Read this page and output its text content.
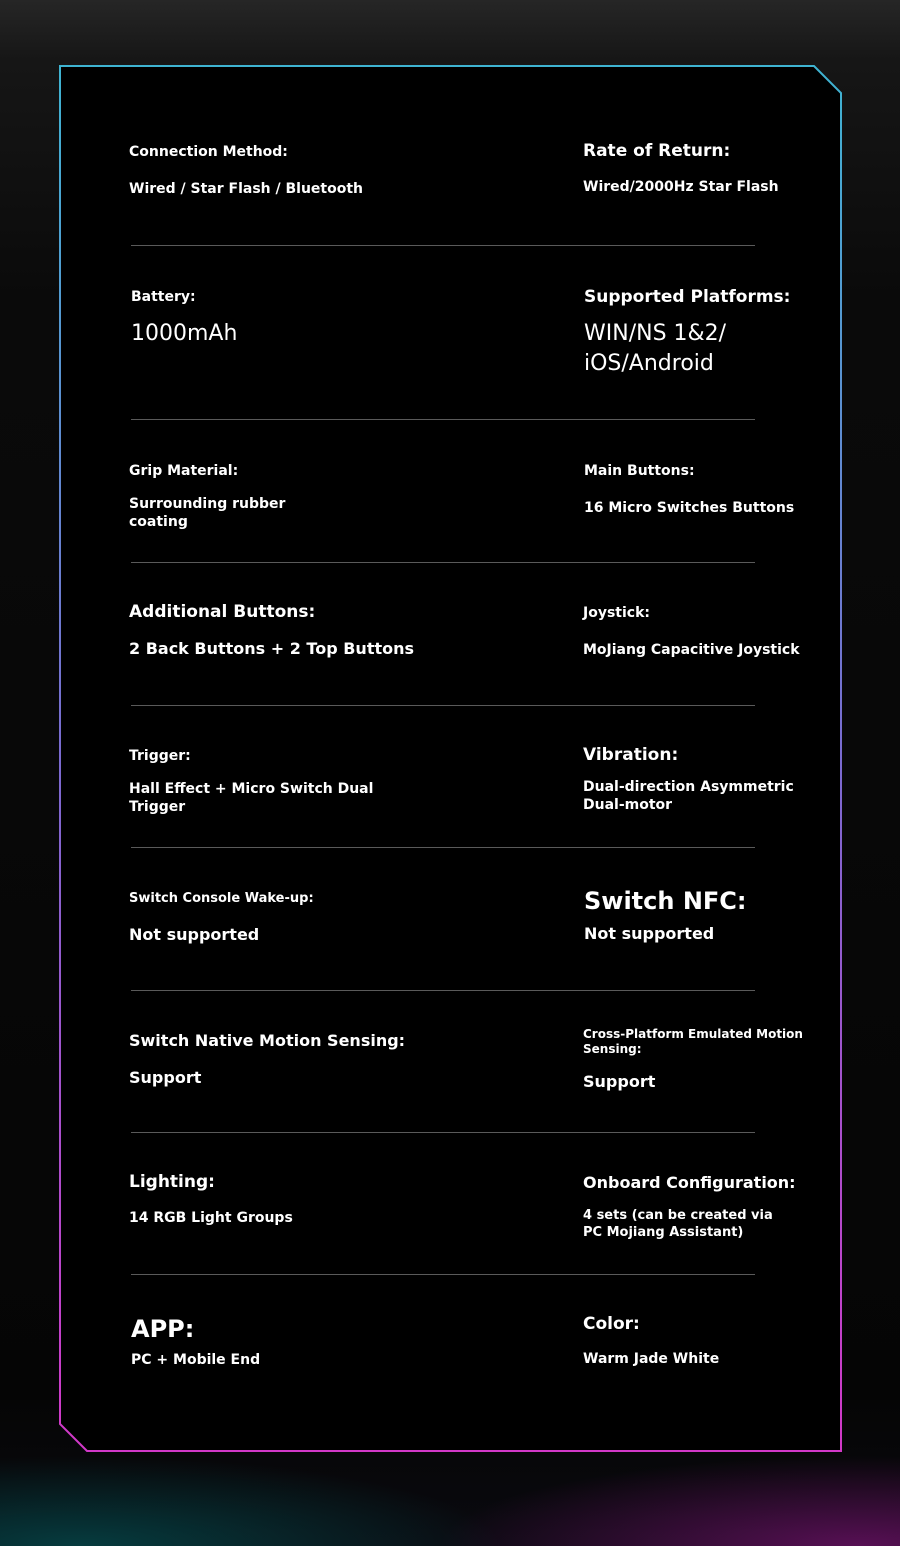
Connection Method:
Wired / Star Flash / Bluetooth
Rate of Return:
Wired/2000Hz Star Flash
Battery:
1000mAh
Supported Platforms:
WIN/NS 1&2/ iOS/Android
Grip Material:
Surrounding rubber coating
Main Buttons:
16 Micro Switches Buttons
Additional Buttons:
2 Back Buttons + 2 Top Buttons
Joystick:
MoJiang Capacitive Joystick
Trigger:
Hall Effect + Micro Switch Dual Trigger
Vibration:
Dual-direction Asymmetric Dual-motor
Switch Console Wake-up:
Not supported
Switch NFC:
Not supported
Switch Native Motion Sensing:
Support
Cross-Platform Emulated Motion Sensing:
Support
Lighting:
14 RGB Light Groups
Onboard Configuration:
4 sets (can be created via PC Mojiang Assistant)
APP:
PC + Mobile End
Color:
Warm Jade White
